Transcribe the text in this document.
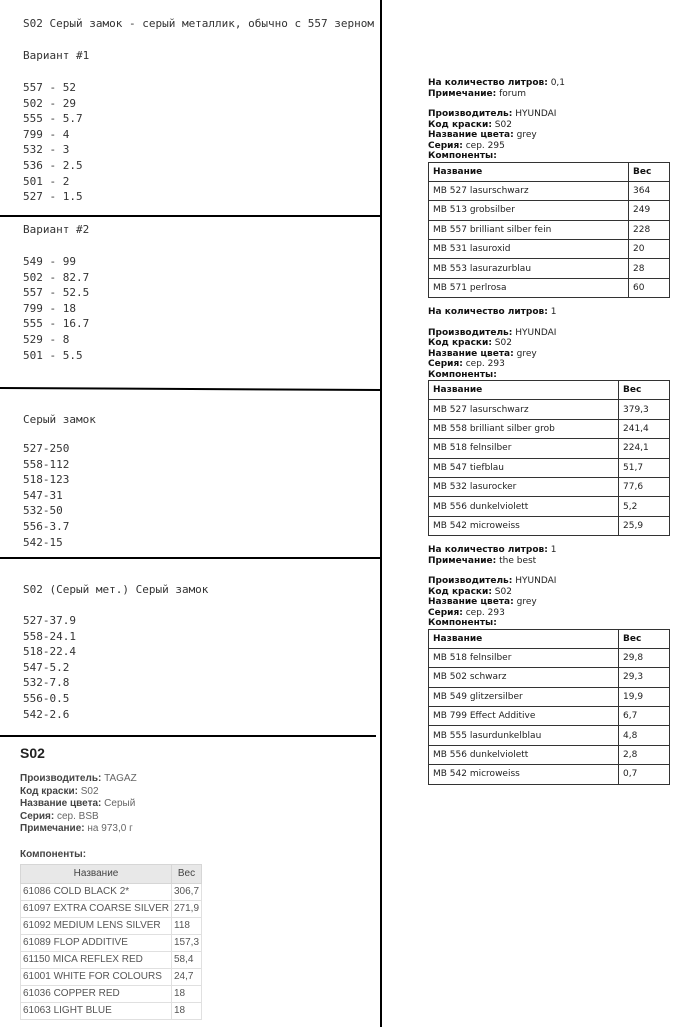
S02 Серый замок - серый металлик, обычно с 557 зерном
Вариант #1
557 - 52
502 - 29
555 - 5.7
799 - 4
532 - 3
536 - 2.5
501 - 2
527 - 1.5
Вариант #2
549 - 99
502 - 82.7
557 - 52.5
799 - 18
555 - 16.7
529 - 8
501 - 5.5
Серый замок
527-250
558-112
518-123
547-31
532-50
556-3.7
542-15
S02 (Серый мет.) Серый замок
527-37.9
558-24.1
518-22.4
547-5.2
532-7.8
556-0.5
542-2.6
S02
Производитель: TAGAZ
Код краски: S02
Название цвета: Серый
Серия: сер. BSB
Примечание: на 973,0 г
Компоненты:
Название	Вес
61086 COLD BLACK 2*	306,7
61097 EXTRA COARSE SILVER	271,9
61092 MEDIUM LENS SILVER	118
61089 FLOP ADDITIVE	157,3
61150 MICA REFLEX RED	58,4
61001 WHITE FOR COLOURS	24,7
61036 COPPER RED	18
61063 LIGHT BLUE	18
На количество литров: 0,1
Примечание: forum
Производитель: HYUNDAI
Код краски: S02
Название цвета: grey
Серия: сер. 295
Компоненты:
Название	Вес
MB 527 lasurschwarz	364
MB 513 grobsilber	249
MB 557 brilliant silber fein	228
MB 531 lasuroxid	20
MB 553 lasurazurblau	28
MB 571 perlrosa	60
На количество литров: 1
Производитель: HYUNDAI
Код краски: S02
Название цвета: grey
Серия: сер. 293
Компоненты:
Название	Вес
MB 527 lasurschwarz	379,3
MB 558 brilliant silber grob	241,4
MB 518 felnsilber	224,1
MB 547 tiefblau	51,7
MB 532 lasurocker	77,6
MB 556 dunkelviolett	5,2
MB 542 microweiss	25,9
На количество литров: 1
Примечание: the best
Производитель: HYUNDAI
Код краски: S02
Название цвета: grey
Серия: сер. 293
Компоненты:
Название	Вес
MB 518 felnsilber	29,8
MB 502 schwarz	29,3
MB 549 glitzersilber	19,9
MB 799 Effect Additive	6,7
MB 555 lasurdunkelblau	4,8
MB 556 dunkelviolett	2,8
MB 542 microweiss	0,7
